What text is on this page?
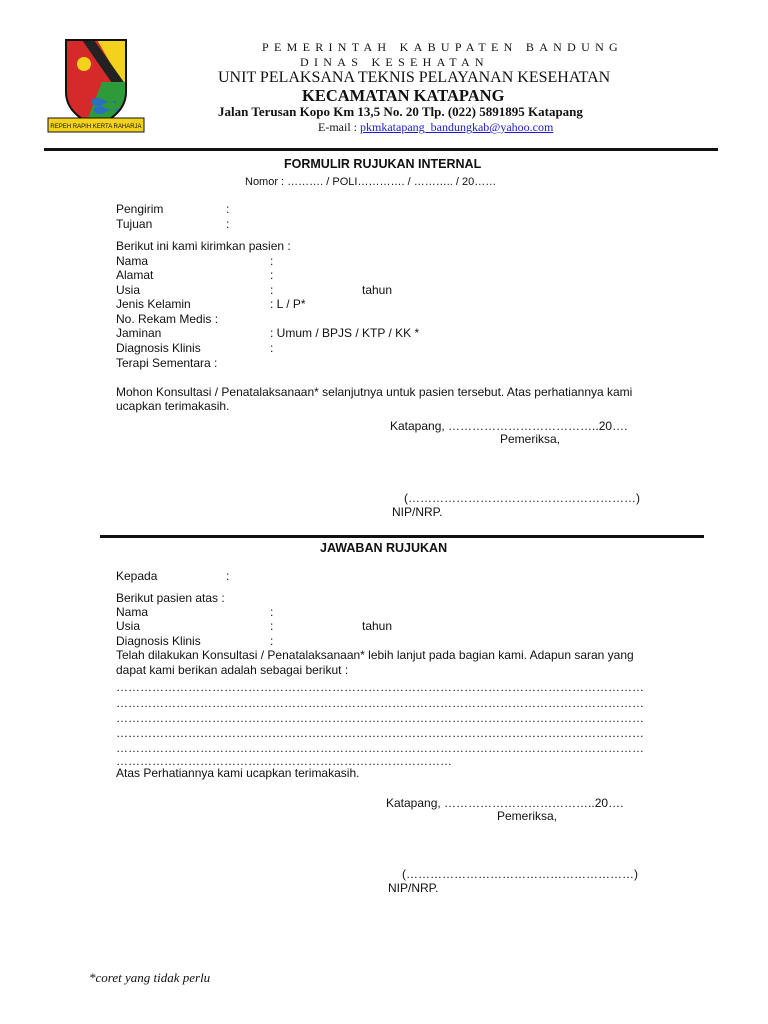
REPEH RAPIH KERTA RAHARJA
PEMERINTAH KABUPATEN BANDUNG
DINAS KESEHATAN
UNIT PELAKSANA TEKNIS PELAYANAN KESEHATAN
KECAMATAN KATAPANG
Jalan Terusan Kopo Km 13,5 No. 20 Tlp. (022) 5891895 Katapang
E-mail : pkmkatapang_bandungkab@yahoo.com
FORMULIR RUJUKAN INTERNAL
Nomor : ………. / POLI…………. / ……….. / 20……
Pengirim	:
Tujuan	:
Berikut ini kami kirimkan pasien :
Nama	:
Alamat	:
Usia	:	tahun
Jenis Kelamin	: L / P*
No. Rekam Medis :
Jaminan	: Umum / BPJS / KTP / KK *
Diagnosis Klinis	:
Terapi Sementara :
Mohon Konsultasi / Penatalaksanaan* selanjutnya untuk pasien tersebut. Atas perhatiannya kami
ucapkan terimakasih.
Katapang, ………………………………..20….
Pemeriksa,
(…………………………………………………)
NIP/NRP.
JAWABAN RUJUKAN
Kepada	:
Berikut pasien atas :
Nama	:
Usia	:	tahun
Diagnosis Klinis	:
Telah dilakukan Konsultasi / Penatalaksanaan* lebih lanjut pada bagian kami. Adapun saran yang
dapat kami berikan adalah sebagai berikut :
……………………………………………………………………………………………………………………
……………………………………………………………………………………………………………………
……………………………………………………………………………………………………………………
……………………………………………………………………………………………………………………
……………………………………………………………………………………………………………………
…………………………………………………………………………
Atas Perhatiannya kami ucapkan terimakasih.
Katapang, ………………………………..20….
Pemeriksa,
(…………………………………………………)
NIP/NRP.
*coret yang tidak perlu
